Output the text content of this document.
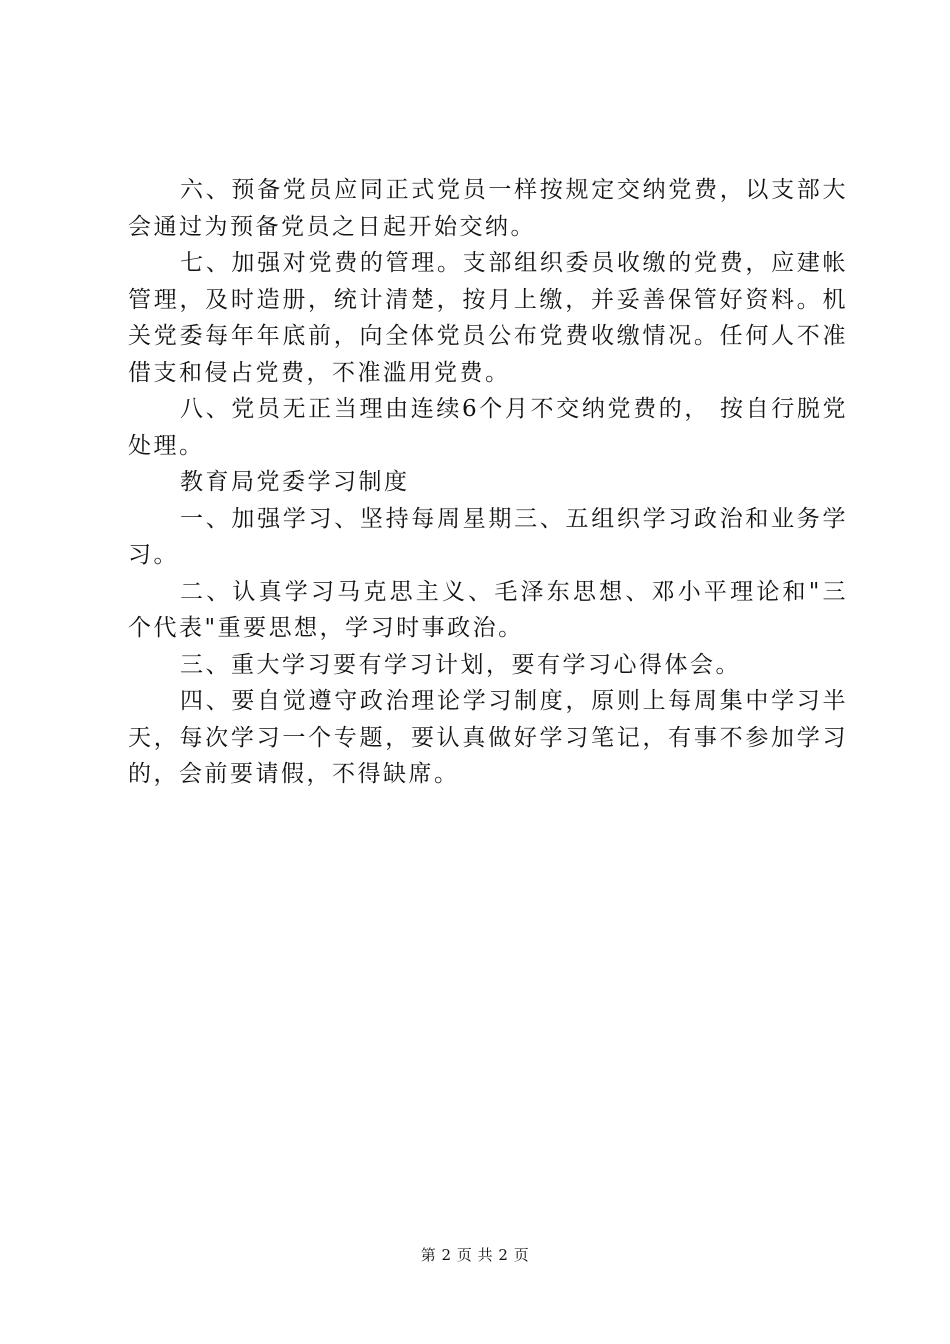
六、预备党员应同正式党员一样按规定交纳党费，以支部大会通过为预备党员之日起开始交纳。

七、加强对党费的管理。支部组织委员收缴的党费，应建帐管理，及时造册，统计清楚，按月上缴，并妥善保管好资料。机关党委每年年底前，向全体党员公布党费收缴情况。任何人不准借支和侵占党费，不准滥用党费。

八、党员无正当理由连续6个月不交纳党费的， 按自行脱党处理。

教育局党委学习制度

一、加强学习、坚持每周星期三、五组织学习政治和业务学习。

二、认真学习马克思主义、毛泽东思想、邓小平理论和"三个代表"重要思想，学习时事政治。

三、重大学习要有学习计划，要有学习心得体会。

四、要自觉遵守政治理论学习制度，原则上每周集中学习半天，每次学习一个专题，要认真做好学习笔记，有事不参加学习的，会前要请假，不得缺席。

第 2 页 共 2 页
